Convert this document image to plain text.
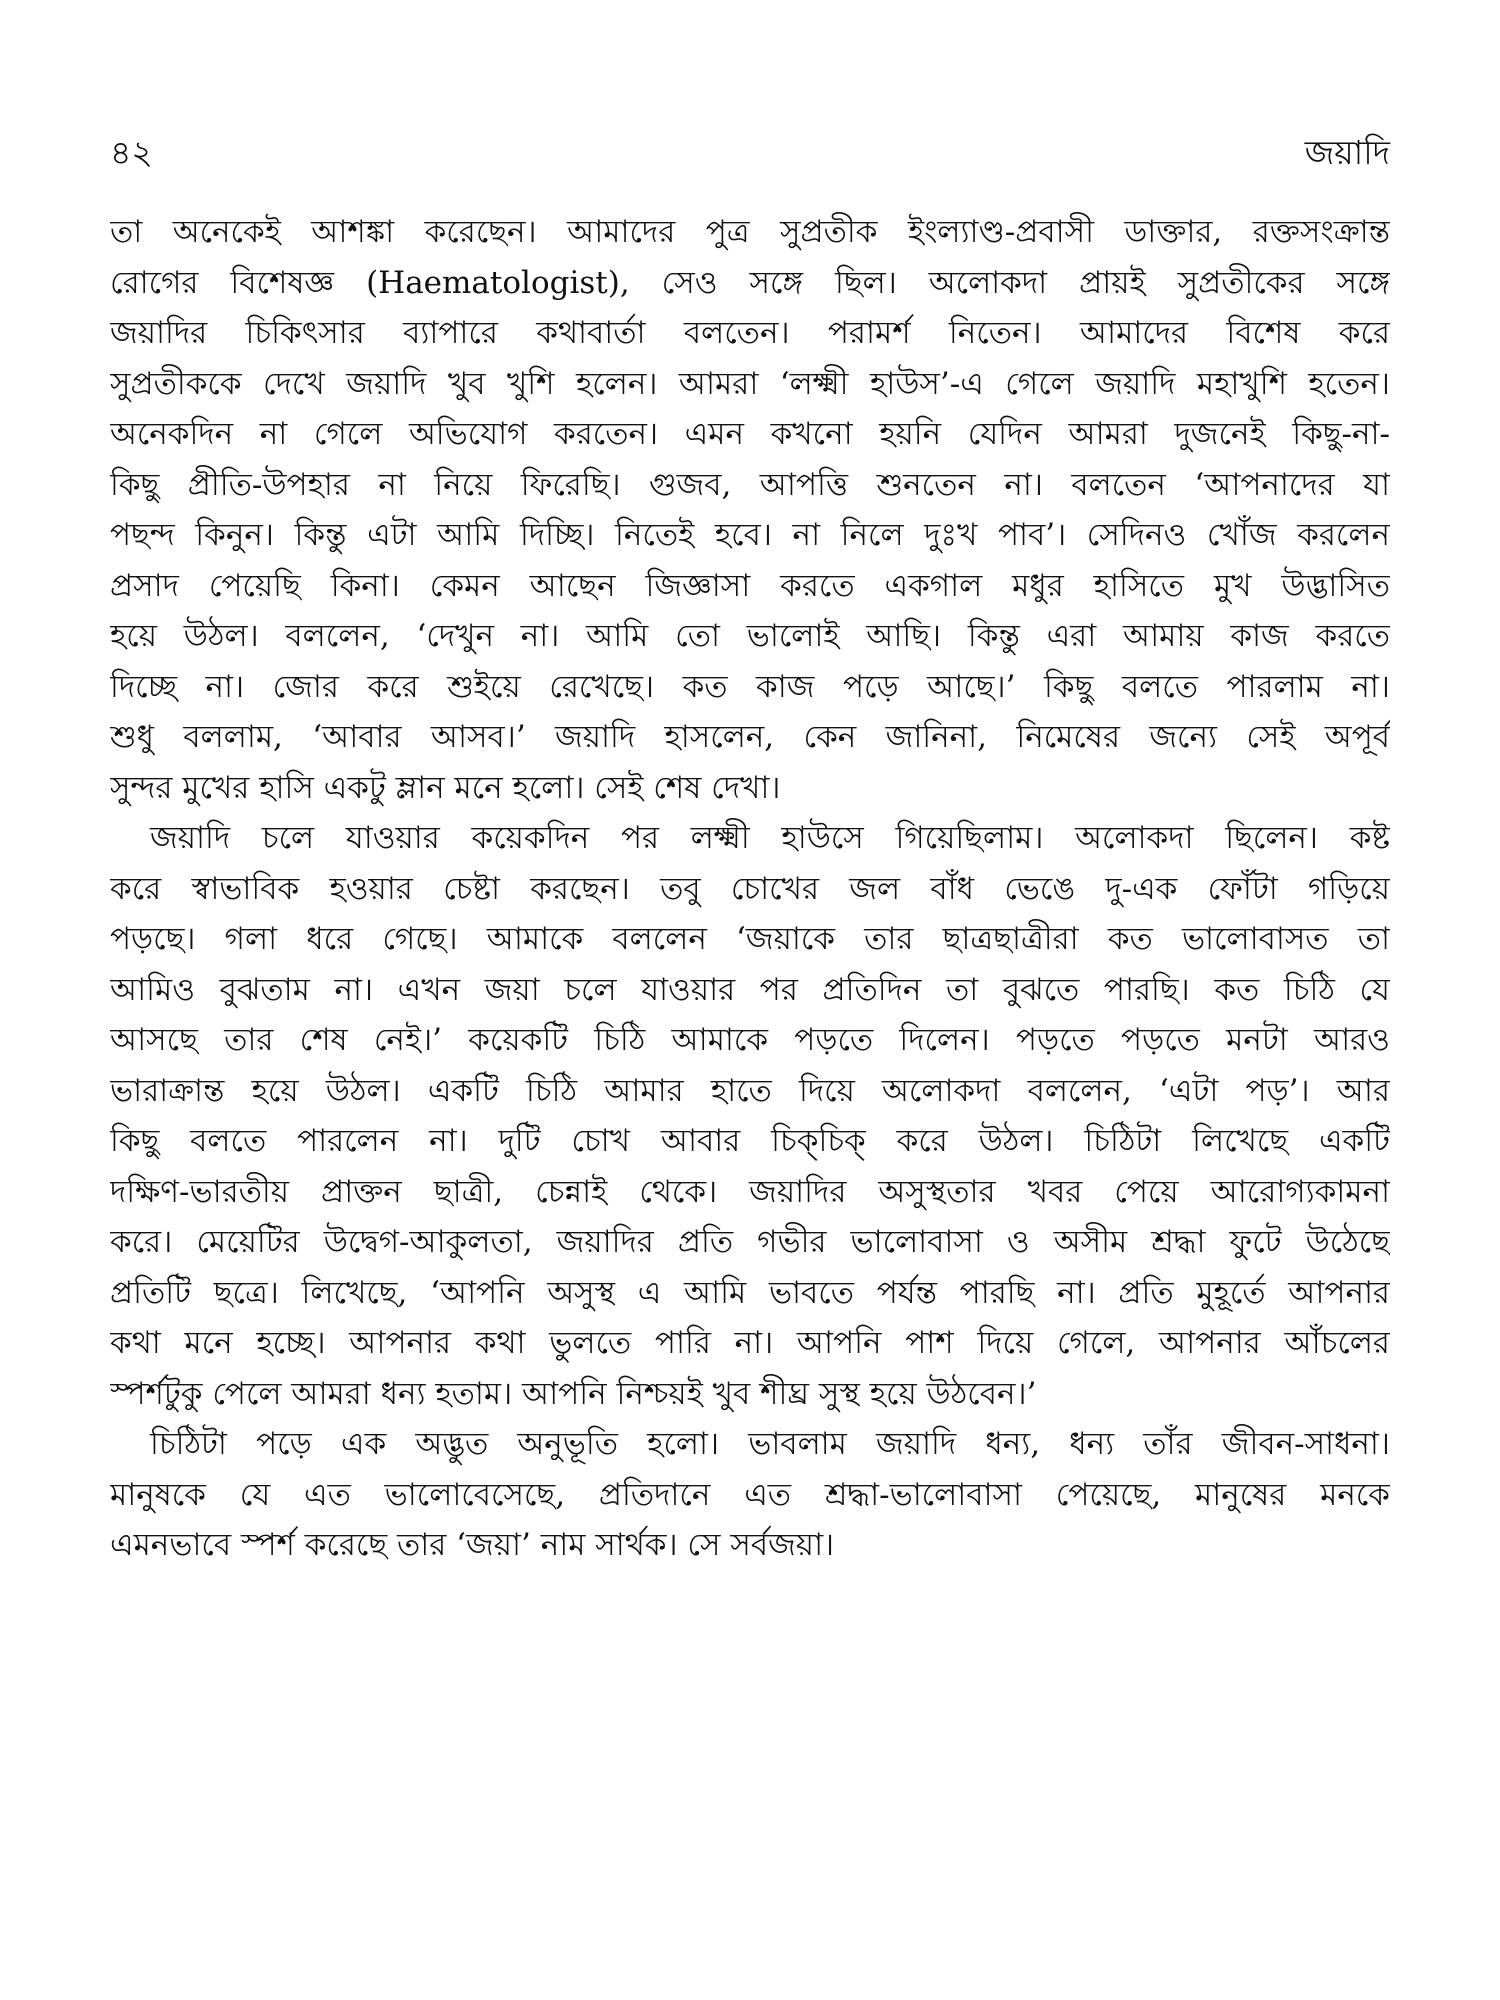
৪২	জয়াদি
তা অনেকেই আশঙ্কা করেছেন। আমাদের পুত্র সুপ্রতীক ইংল্যাণ্ড-প্রবাসী ডাক্তার, রক্তসংক্রান্ত
রোগের বিশেষজ্ঞ (Haematologist), সেও সঙ্গে ছিল। অলোকদা প্রায়ই সুপ্রতীকের সঙ্গে
জয়াদির চিকিৎসার ব্যাপারে কথাবার্তা বলতেন। পরামর্শ নিতেন। আমাদের বিশেষ করে
সুপ্রতীককে দেখে জয়াদি খুব খুশি হলেন। আমরা ‘লক্ষ্মী হাউস’-এ গেলে জয়াদি মহাখুশি হতেন।
অনেকদিন না গেলে অভিযোগ করতেন। এমন কখনো হয়নি যেদিন আমরা দুজনেই কিছু-না-
কিছু প্রীতি-উপহার না নিয়ে ফিরেছি। গুজব, আপত্তি শুনতেন না। বলতেন ‘আপনাদের যা
পছন্দ কিনুন। কিন্তু এটা আমি দিচ্ছি। নিতেই হবে। না নিলে দুঃখ পাব’। সেদিনও খোঁজ করলেন
প্রসাদ পেয়েছি কিনা। কেমন আছেন জিজ্ঞাসা করতে একগাল মধুর হাসিতে মুখ উদ্ভাসিত
হয়ে উঠল। বললেন, ‘দেখুন না। আমি তো ভালোই আছি। কিন্তু এরা আমায় কাজ করতে
দিচ্ছে না। জোর করে শুইয়ে রেখেছে। কত কাজ পড়ে আছে।’ কিছু বলতে পারলাম না।
শুধু বললাম, ‘আবার আসব।’ জয়াদি হাসলেন, কেন জানিনা, নিমেষের জন্যে সেই অপূর্ব
সুন্দর মুখের হাসি একটু ম্লান মনে হলো। সেই শেষ দেখা।
জয়াদি চলে যাওয়ার কয়েকদিন পর লক্ষ্মী হাউসে গিয়েছিলাম। অলোকদা ছিলেন। কষ্ট
করে স্বাভাবিক হওয়ার চেষ্টা করছেন। তবু চোখের জল বাঁধ ভেঙে দু-এক ফোঁটা গড়িয়ে
পড়ছে। গলা ধরে গেছে। আমাকে বললেন ‘জয়াকে তার ছাত্রছাত্রীরা কত ভালোবাসত তা
আমিও বুঝতাম না। এখন জয়া চলে যাওয়ার পর প্রতিদিন তা বুঝতে পারছি। কত চিঠি যে
আসছে তার শেষ নেই।’ কয়েকটি চিঠি আমাকে পড়তে দিলেন। পড়তে পড়তে মনটা আরও
ভারাক্রান্ত হয়ে উঠল। একটি চিঠি আমার হাতে দিয়ে অলোকদা বললেন, ‘এটা পড়’। আর
কিছু বলতে পারলেন না। দুটি চোখ আবার চিক্‌চিক্‌ করে উঠল। চিঠিটা লিখেছে একটি
দক্ষিণ-ভারতীয় প্রাক্তন ছাত্রী, চেন্নাই থেকে। জয়াদির অসুস্থতার খবর পেয়ে আরোগ্যকামনা
করে। মেয়েটির উদ্বেগ-আকুলতা, জয়াদির প্রতি গভীর ভালোবাসা ও অসীম শ্রদ্ধা ফুটে উঠেছে
প্রতিটি ছত্রে। লিখেছে, ‘আপনি অসুস্থ এ আমি ভাবতে পর্যন্ত পারছি না। প্রতি মুহূর্তে আপনার
কথা মনে হচ্ছে। আপনার কথা ভুলতে পারি না। আপনি পাশ দিয়ে গেলে, আপনার আঁচলের
স্পর্শটুকু পেলে আমরা ধন্য হতাম। আপনি নিশ্চয়ই খুব শীঘ্র সুস্থ হয়ে উঠবেন।’
চিঠিটা পড়ে এক অদ্ভুত অনুভূতি হলো। ভাবলাম জয়াদি ধন্য, ধন্য তাঁর জীবন-সাধনা।
মানুষকে যে এত ভালোবেসেছে, প্রতিদানে এত শ্রদ্ধা-ভালোবাসা পেয়েছে, মানুষের মনকে
এমনভাবে স্পর্শ করেছে তার ‘জয়া’ নাম সার্থক। সে সর্বজয়া।
